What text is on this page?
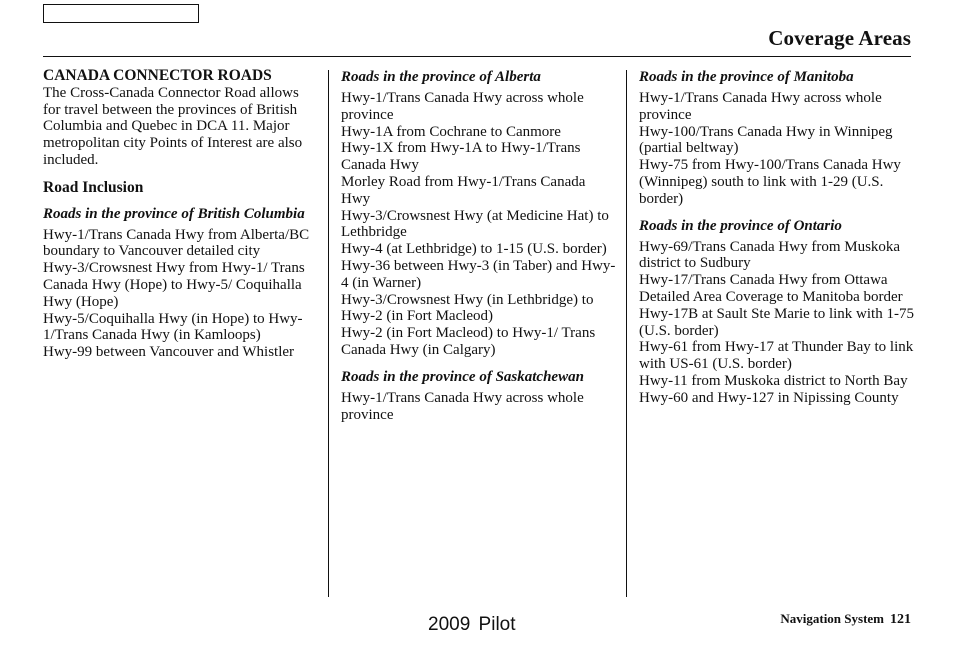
Coverage Areas

CANADA CONNECTOR ROADS

The Cross-Canada Connector Road allows for travel between the provinces of British Columbia and Quebec in DCA 11. Major metropolitan city Points of Interest are also included.

Road Inclusion

Roads in the province of British Columbia

Hwy-1/Trans Canada Hwy from Alberta/BC boundary to Vancouver detailed city

Hwy-3/Crowsnest Hwy from Hwy-1/ Trans Canada Hwy (Hope) to Hwy-5/ Coquihalla Hwy (Hope)

Hwy-5/Coquihalla Hwy (in Hope) to Hwy-1/Trans Canada Hwy (in Kamloops)

Hwy-99 between Vancouver and Whistler

Roads in the province of Alberta

Hwy-1/Trans Canada Hwy across whole province

Hwy-1A from Cochrane to Canmore

Hwy-1X from Hwy-1A to Hwy-1/Trans Canada Hwy

Morley Road from Hwy-1/Trans Canada Hwy

Hwy-3/Crowsnest Hwy (at Medicine Hat) to Lethbridge

Hwy-4 (at Lethbridge) to 1-15 (U.S. border)

Hwy-36 between Hwy-3 (in Taber) and Hwy-4 (in Warner)

Hwy-3/Crowsnest Hwy (in Lethbridge) to Hwy-2 (in Fort Macleod)

Hwy-2 (in Fort Macleod) to Hwy-1/ Trans Canada Hwy (in Calgary)

Roads in the province of Saskatchewan

Hwy-1/Trans Canada Hwy across whole province

Roads in the province of Manitoba

Hwy-1/Trans Canada Hwy across whole province

Hwy-100/Trans Canada Hwy in Winnipeg (partial beltway)

Hwy-75 from Hwy-100/Trans Canada Hwy (Winnipeg) south to link with 1-29 (U.S. border)

Roads in the province of Ontario

Hwy-69/Trans Canada Hwy from Muskoka district to Sudbury

Hwy-17/Trans Canada Hwy from Ottawa Detailed Area Coverage to Manitoba border

Hwy-17B at Sault Ste Marie to link with 1-75 (U.S. border)

Hwy-61 from Hwy-17 at Thunder Bay to link with US-61 (U.S. border)

Hwy-11 from Muskoka district to North Bay

Hwy-60 and Hwy-127 in Nipissing County

2009 Pilot	Navigation System 121
